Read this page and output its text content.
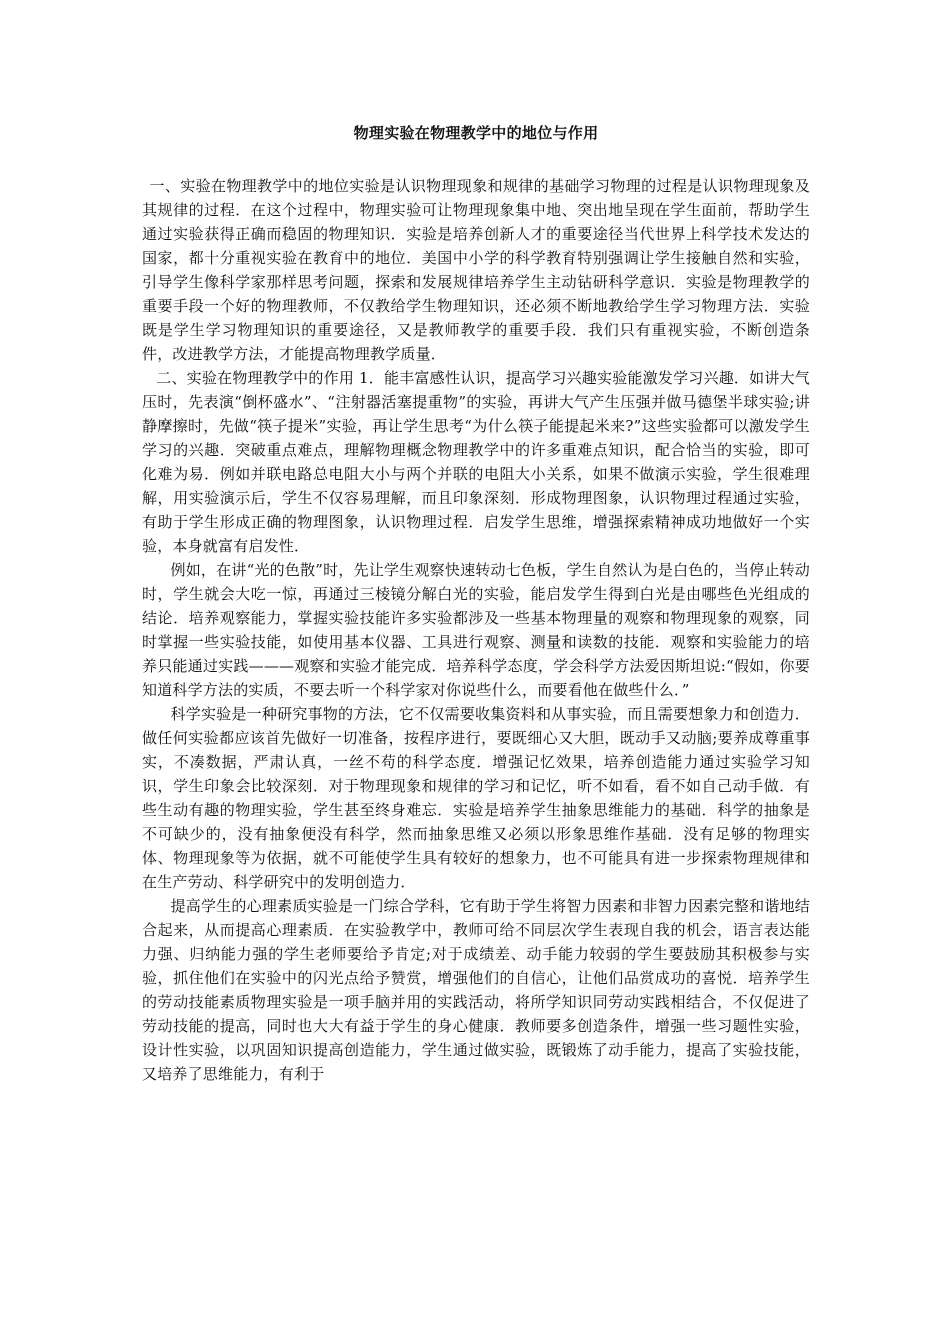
物理实验在物理教学中的地位与作用

一、实验在物理教学中的地位实验是认识物理现象和规律的基础学习物理的过程是认识物理现象及其规律的过程．在这个过程中，物理实验可让物理现象集中地、突出地呈现在学生面前，帮助学生通过实验获得正确而稳固的物理知识．实验是培养创新人才的重要途径当代世界上科学技术发达的国家，都十分重视实验在教育中的地位．美国中小学的科学教育特别强调让学生接触自然和实验，引导学生像科学家那样思考问题，探索和发展规律培养学生主动钻研科学意识．实验是物理教学的重要手段一个好的物理教师，不仅教给学生物理知识，还必须不断地教给学生学习物理方法．实验既是学生学习物理知识的重要途径，又是教师教学的重要手段．我们只有重视实验，不断创造条件，改进教学方法，才能提高物理教学质量．

二、实验在物理教学中的作用 1．能丰富感性认识，提高学习兴趣实验能激发学习兴趣．如讲大气压时，先表演“倒杯盛水”、“注射器活塞提重物”的实验，再讲大气产生压强并做马德堡半球实验;讲静摩擦时，先做“筷子提米”实验，再让学生思考“为什么筷子能提起米来?”这些实验都可以激发学生学习的兴趣．突破重点难点，理解物理概念物理教学中的许多重难点知识，配合恰当的实验，即可化难为易．例如并联电路总电阻大小与两个并联的电阻大小关系，如果不做演示实验，学生很难理解，用实验演示后，学生不仅容易理解，而且印象深刻．形成物理图象，认识物理过程通过实验，有助于学生形成正确的物理图象，认识物理过程．启发学生思维，增强探索精神成功地做好一个实验，本身就富有启发性．

例如，在讲“光的色散”时，先让学生观察快速转动七色板，学生自然认为是白色的，当停止转动时，学生就会大吃一惊，再通过三棱镜分解白光的实验，能启发学生得到白光是由哪些色光组成的结论．培养观察能力，掌握实验技能许多实验都涉及一些基本物理量的观察和物理现象的观察，同时掌握一些实验技能，如使用基本仪器、工具进行观察、测量和读数的技能．观察和实验能力的培养只能通过实践———观察和实验才能完成．培养科学态度，学会科学方法爱因斯坦说:“假如，你要知道科学方法的实质，不要去听一个科学家对你说些什么，而要看他在做些什么．”

科学实验是一种研究事物的方法，它不仅需要收集资料和从事实验，而且需要想象力和创造力．做任何实验都应该首先做好一切准备，按程序进行，要既细心又大胆，既动手又动脑;要养成尊重事实，不凑数据，严肃认真，一丝不苟的科学态度．增强记忆效果，培养创造能力通过实验学习知识，学生印象会比较深刻．对于物理现象和规律的学习和记忆，听不如看，看不如自己动手做．有些生动有趣的物理实验，学生甚至终身难忘．实验是培养学生抽象思维能力的基础．科学的抽象是不可缺少的，没有抽象便没有科学，然而抽象思维又必须以形象思维作基础．没有足够的物理实体、物理现象等为依据，就不可能使学生具有较好的想象力，也不可能具有进一步探索物理规律和在生产劳动、科学研究中的发明创造力．

提高学生的心理素质实验是一门综合学科，它有助于学生将智力因素和非智力因素完整和谐地结合起来，从而提高心理素质．在实验教学中，教师可给不同层次学生表现自我的机会，语言表达能力强、归纳能力强的学生老师要给予肯定;对于成绩差、动手能力较弱的学生要鼓励其积极参与实验，抓住他们在实验中的闪光点给予赞赏，增强他们的自信心，让他们品赏成功的喜悦．培养学生的劳动技能素质物理实验是一项手脑并用的实践活动，将所学知识同劳动实践相结合，不仅促进了劳动技能的提高，同时也大大有益于学生的身心健康．教师要多创造条件，增强一些习题性实验，设计性实验，以巩固知识提高创造能力，学生通过做实验，既锻炼了动手能力，提高了实验技能，又培养了思维能力，有利于
